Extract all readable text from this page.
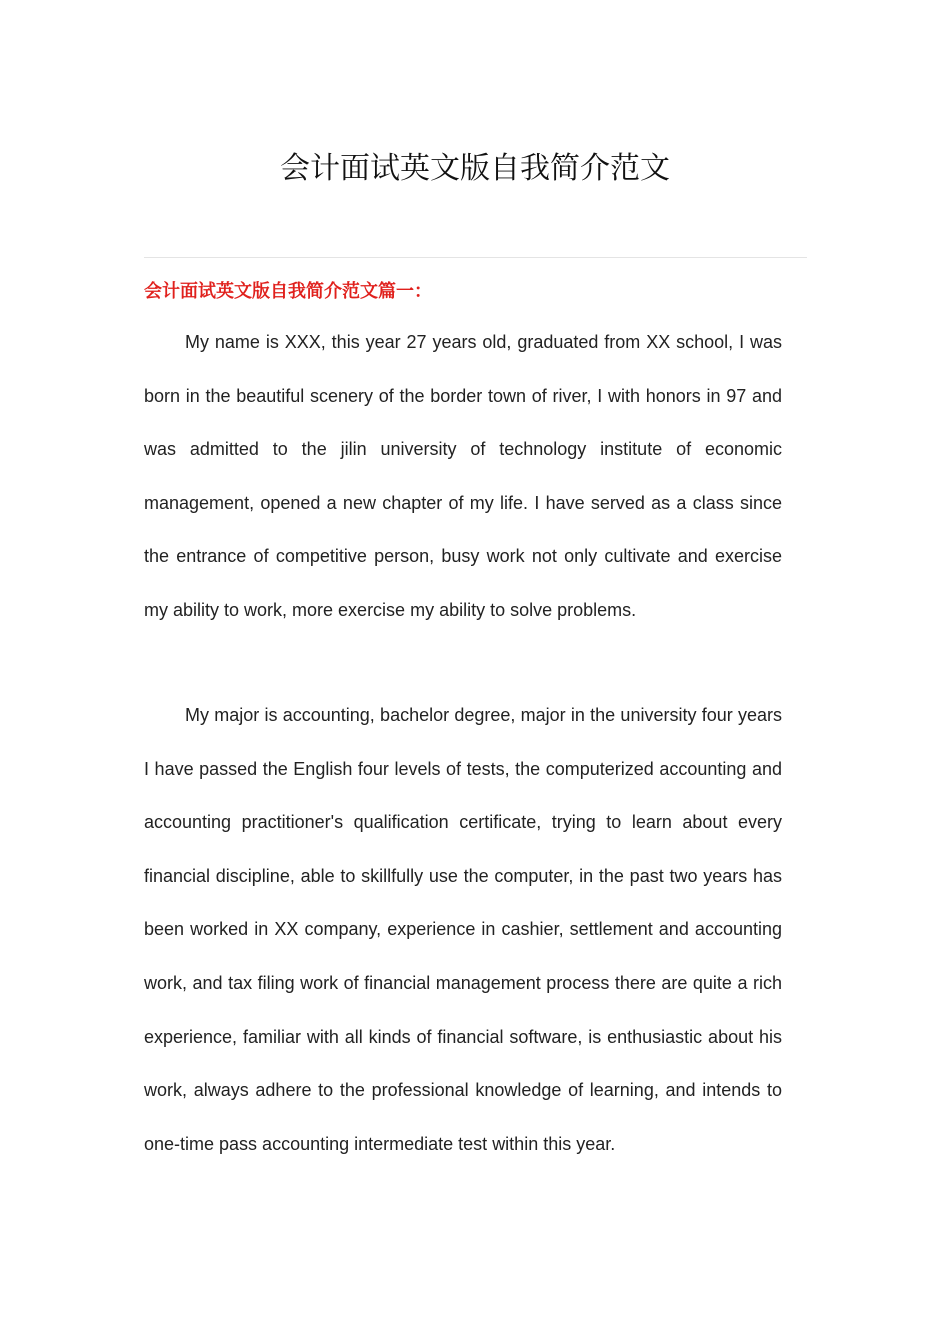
会计面试英文版自我简介范文
会计面试英文版自我简介范文篇一：

My name is XXX, this year 27 years old, graduated from XX school, I was born in the beautiful scenery of the border town of river, I with honors in 97 and was admitted to the jilin university of technology institute of economic management, opened a new chapter of my life. I have served as a class since the entrance of competitive person, busy work not only cultivate and exercise my ability to work, more exercise my ability to solve problems.

My major is accounting, bachelor degree, major in the university four years I have passed the English four levels of tests, the computerized accounting and accounting practitioner's qualification certificate, trying to learn about every financial discipline, able to skillfully use the computer, in the past two years has been worked in XX company, experience in cashier, settlement and accounting work, and tax filing work of financial management process there are quite a rich experience, familiar with all kinds of financial software, is enthusiastic about his work, always adhere to the professional knowledge of learning, and intends to one-time pass accounting intermediate test within this year.
